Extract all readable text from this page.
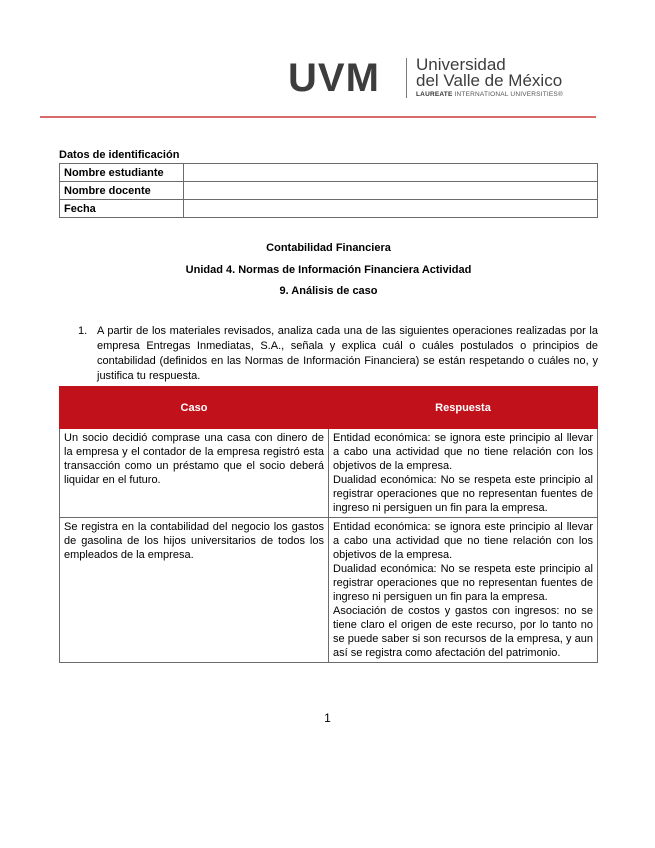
UVM Universidad
del Valle de México
LAUREATE INTERNATIONAL UNIVERSITIES®
Datos de identificación
Nombre estudiante	
Nombre docente	
Fecha	
Contabilidad Financiera
Unidad 4. Normas de Información Financiera Actividad
9. Análisis de caso
1. A partir de los materiales revisados, analiza cada una de las siguientes operaciones realizadas por la empresa Entregas Inmediatas, S.A., señala y explica cuál o cuáles postulados o principios de contabilidad (definidos en las Normas de Información Financiera) se están respetando o cuáles no, y justifica tu respuesta.
Caso	Respuesta

Un socio decidió comprase una casa con dinero de la empresa y el contador de la empresa registró esta transacción como un préstamo que el socio deberá liquidar en el futuro.	Entidad económica: se ignora este principio al llevar a cabo una actividad que no tiene relación con los objetivos de la empresa.

Dualidad económica: No se respeta este principio al registrar operaciones que no representan fuentes de ingreso ni persiguen un fin para la empresa.

Se registra en la contabilidad del negocio los gastos de gasolina de los hijos universitarios de todos los empleados de la empresa.	Entidad económica: se ignora este principio al llevar a cabo una actividad que no tiene relación con los objetivos de la empresa.

Dualidad económica: No se respeta este principio al registrar operaciones que no representan fuentes de ingreso ni persiguen un fin para la empresa.

Asociación de costos y gastos con ingresos: no se tiene claro el origen de este recurso, por lo tanto no se puede saber si son recursos de la empresa, y aun así se registra como afectación del patrimonio.

1
